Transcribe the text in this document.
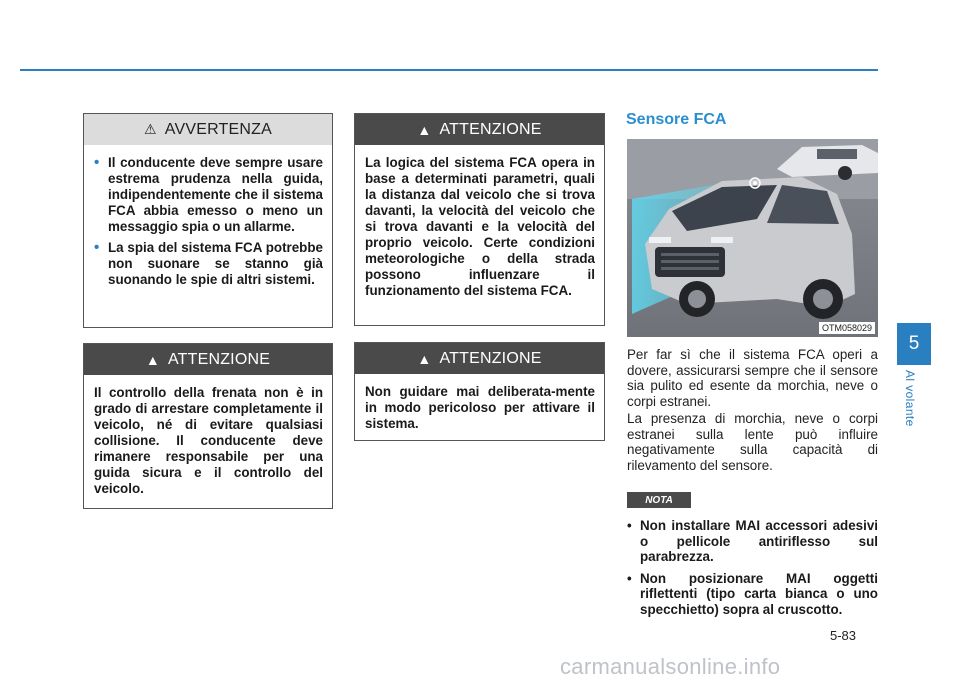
⚠ AVVERTENZA
• Il conducente deve sempre usare estrema prudenza nella guida, indipendentemente che il sistema FCA abbia emesso o meno un messaggio spia o un allarme.
• La spia del sistema FCA potrebbe non suonare se stanno già suonando le spie di altri sistemi.
▲ ATTENZIONE
Il controllo della frenata non è in grado di arrestare completamente il veicolo, né di evitare qualsiasi collisione. Il conducente deve rimanere responsabile per una guida sicura e il controllo del veicolo.
▲ ATTENZIONE
La logica del sistema FCA opera in base a determinati parametri, quali la distanza dal veicolo che si trova davanti, la velocità del veicolo che si trova davanti e la velocità del proprio veicolo. Certe condizioni meteorologiche o della strada possono influenzare il funzionamento del sistema FCA.
▲ ATTENZIONE
Non guidare mai deliberata-mente in modo pericoloso per attivare il sistema.
Sensore FCA
OTM058029
Per far sì che il sistema FCA operi a dovere, assicurarsi sempre che il sensore sia pulito ed esente da morchia, neve o corpi estranei.
La presenza di morchia, neve o corpi estranei sulla lente può influire negativamente sulla capacità di rilevamento del sensore.
NOTA
• Non installare MAI accessori adesivi o pellicole antiriflesso sul parabrezza.
• Non posizionare MAI oggetti riflettenti (tipo carta bianca o uno specchietto) sopra al cruscotto.
5-83
5
Al volante
carmanualsonline.info
